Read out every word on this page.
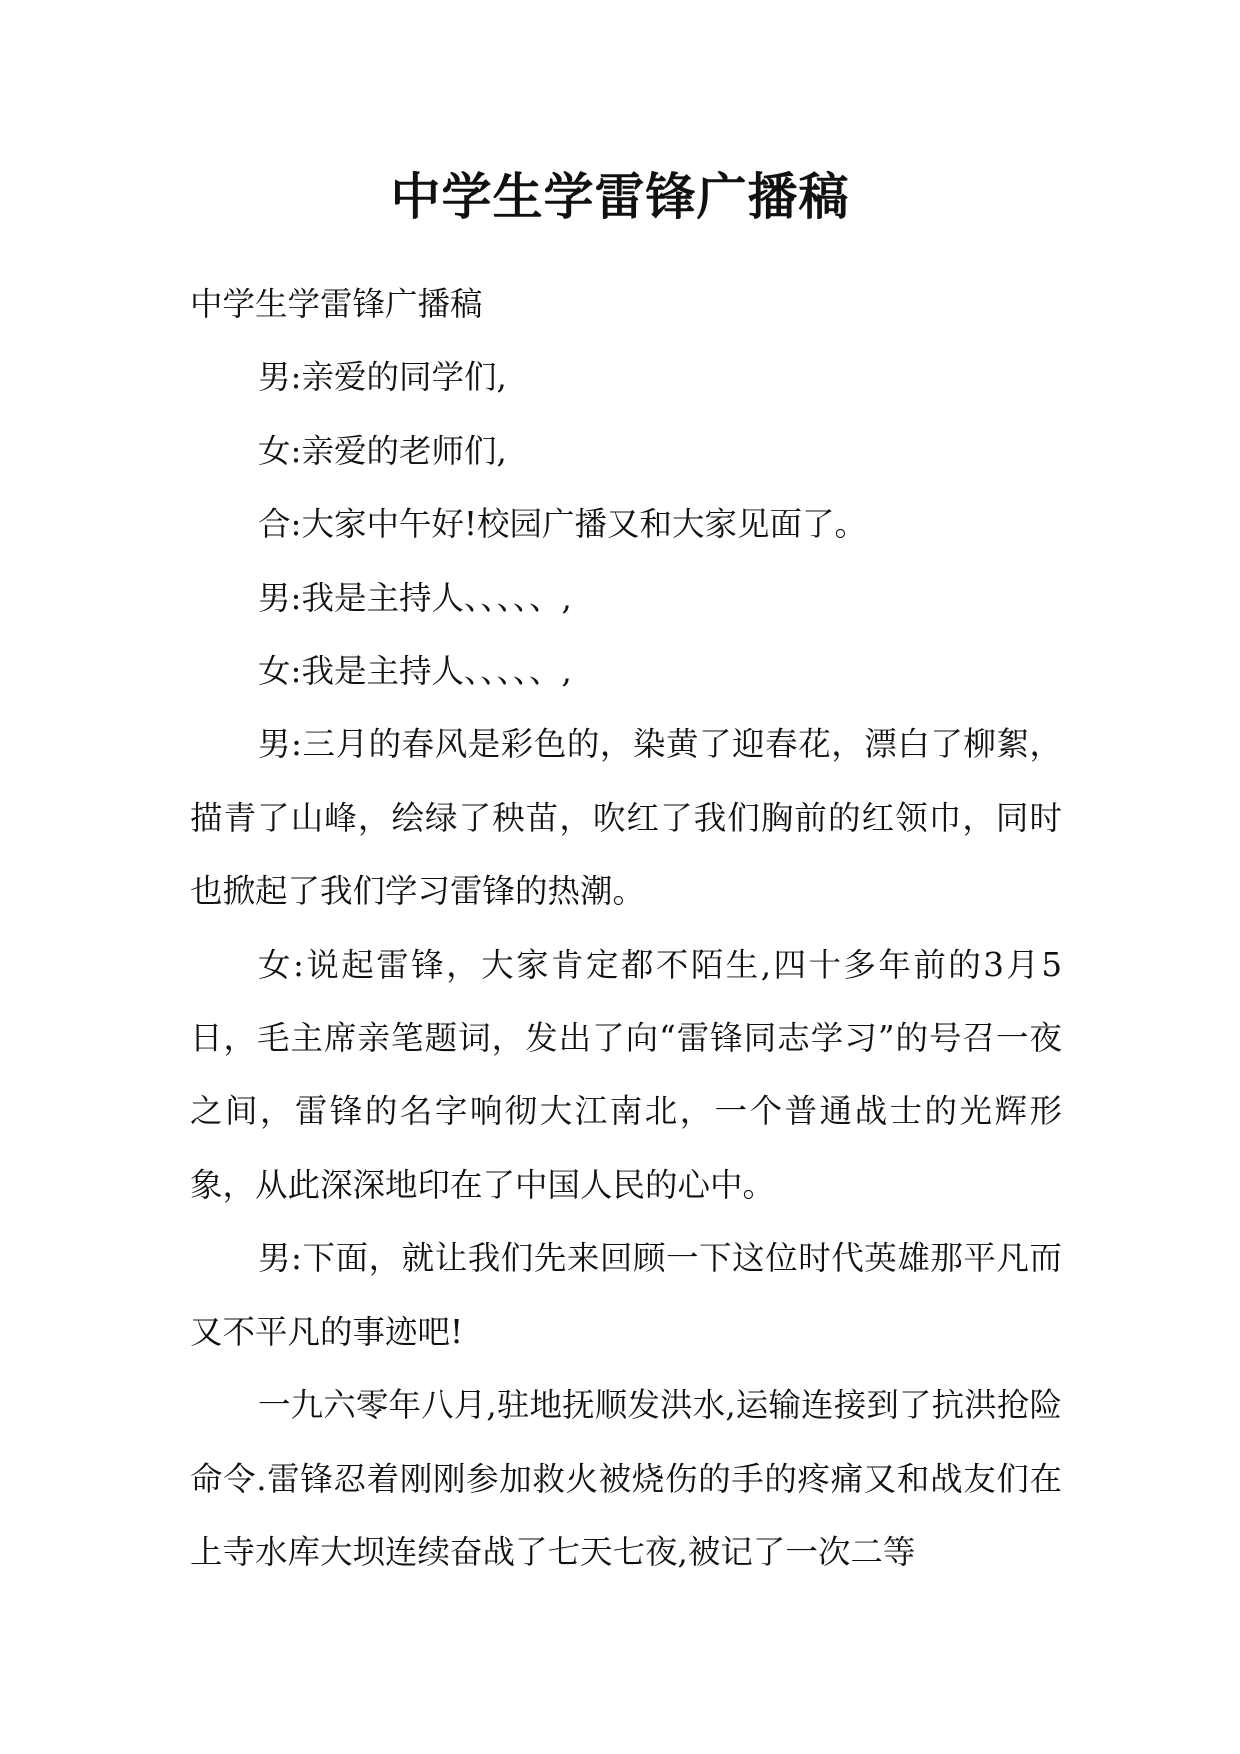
中学生学雷锋广播稿

中学生学雷锋广播稿

男:亲爱的同学们,

女:亲爱的老师们,

合:大家中午好!校园广播又和大家见面了。

男:我是主持人、、、、、,

女:我是主持人、、、、、,

男:三月的春风是彩色的，染黄了迎春花，漂白了柳絮，描青了山峰，绘绿了秧苗，吹红了我们胸前的红领巾，同时也掀起了我们学习雷锋的热潮。

女:说起雷锋，大家肯定都不陌生,四十多年前的3月5日，毛主席亲笔题词，发出了向“雷锋同志学习”的号召一夜之间，雷锋的名字响彻大江南北，一个普通战士的光辉形象，从此深深地印在了中国人民的心中。

男:下面，就让我们先来回顾一下这位时代英雄那平凡而又不平凡的事迹吧!

一九六零年八月,驻地抚顺发洪水,运输连接到了抗洪抢险命令.雷锋忍着刚刚参加救火被烧伤的手的疼痛又和战友们在上寺水库大坝连续奋战了七天七夜,被记了一次二等
